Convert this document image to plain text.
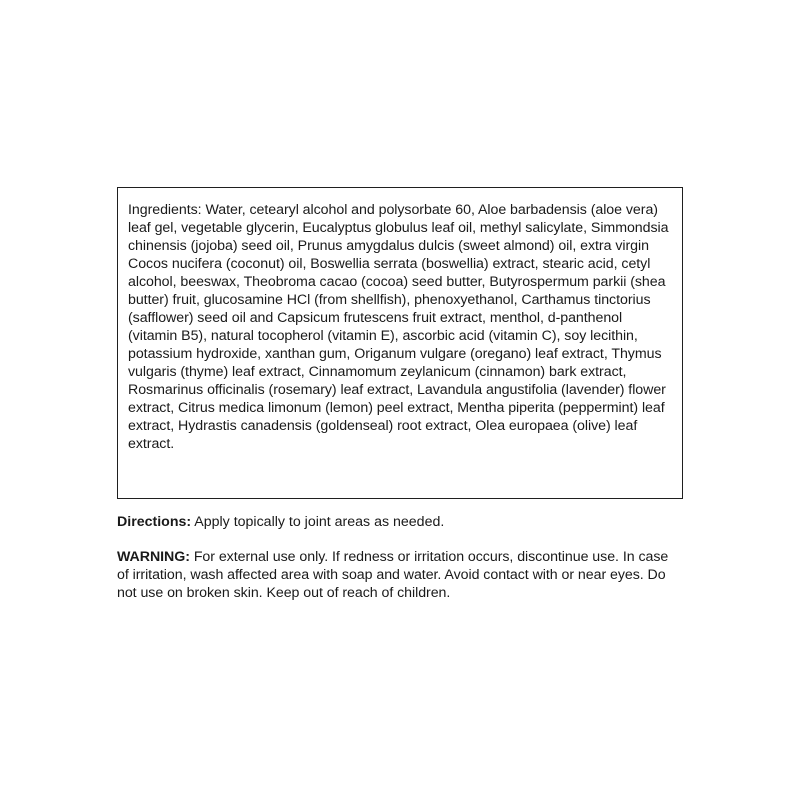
Ingredients: Water, cetearyl alcohol and polysorbate 60, Aloe barbadensis (aloe vera) leaf gel, vegetable glycerin, Eucalyptus globulus leaf oil, methyl salicylate, Simmondsia chinensis (jojoba) seed oil, Prunus amygdalus dulcis (sweet almond) oil, extra virgin Cocos nucifera (coconut) oil, Boswellia serrata (boswellia) extract, stearic acid, cetyl alcohol, beeswax, Theobroma cacao (cocoa) seed butter, Butyrospermum parkii (shea butter) fruit, glucosamine HCl (from shellfish), phenoxyethanol, Carthamus tinctorius (safflower) seed oil and Capsicum frutescens fruit extract, menthol, d-panthenol (vitamin B5), natural tocopherol (vitamin E), ascorbic acid (vitamin C), soy lecithin, potassium hydroxide, xanthan gum, Origanum vulgare (oregano) leaf extract, Thymus vulgaris (thyme) leaf extract, Cinnamomum zeylanicum (cinnamon) bark extract, Rosmarinus officinalis (rosemary) leaf extract, Lavandula angustifolia (lavender) flower extract, Citrus medica limonum (lemon) peel extract, Mentha piperita (peppermint) leaf extract, Hydrastis canadensis (goldenseal) root extract, Olea europaea (olive) leaf extract.

Directions: Apply topically to joint areas as needed.

WARNING: For external use only. If redness or irritation occurs, discontinue use. In case of irritation, wash affected area with soap and water. Avoid contact with or near eyes. Do not use on broken skin. Keep out of reach of children.
